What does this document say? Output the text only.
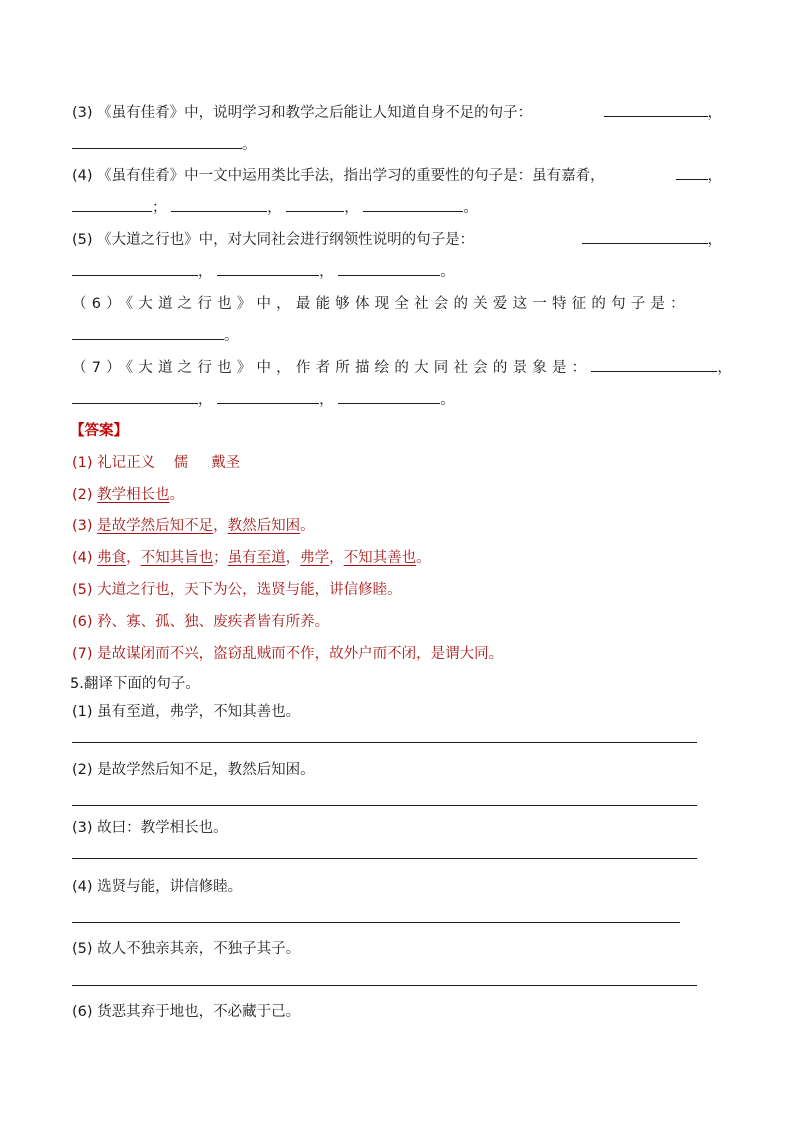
(3) 《虽有佳肴》中，说明学习和教学之后能让人知道自身不足的句子：	，
。
(4) 《虽有佳肴》中一文中运用类比手法，指出学习的重要性的句子是：虽有嘉肴，	，
；	，	，	。
(5) 《大道之行也》中，对大同社会进行纲领性说明的句子是：	，
，	，	。
（6）《大道之行也》中，最能够体现全社会的关爱这一特征的句子是：
。
（7）《大道之行也》中，作者所描绘的大同社会的景象是：	，
，	，	。
【答案】
(1) 礼记正义 儒 戴圣
(2) 教学相长也。
(3) 是故学然后知不足，教然后知困。
(4) 弗食，不知其旨也；虽有至道，弗学，不知其善也。
(5) 大道之行也，天下为公，选贤与能，讲信修睦。
(6) 矜、寡、孤、独、废疾者皆有所养。
(7) 是故谋闭而不兴，盗窃乱贼而不作，故外户而不闭，是谓大同。
5.翻译下面的句子。
(1) 虽有至道，弗学，不知其善也。
(2) 是故学然后知不足，教然后知困。
(3) 故曰：教学相长也。
(4) 选贤与能，讲信修睦。
(5) 故人不独亲其亲，不独子其子。
(6) 货恶其弃于地也，不必藏于己。
